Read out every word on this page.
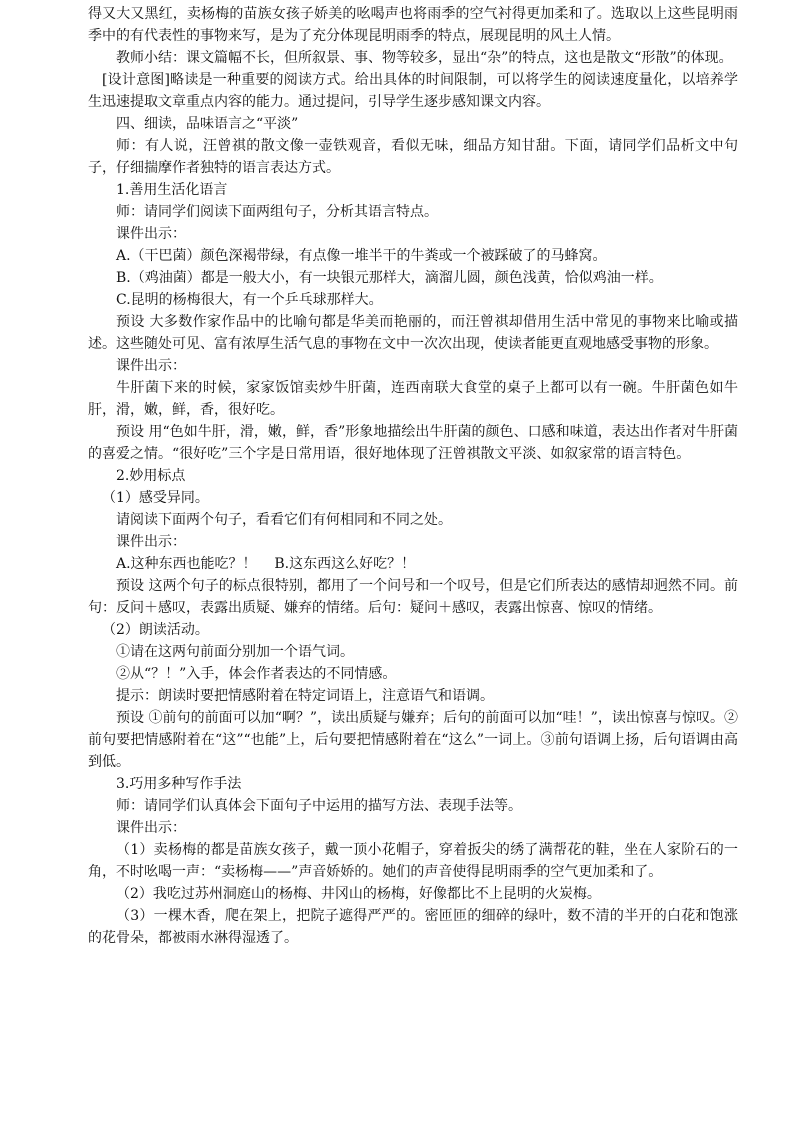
得又大又黑红，卖杨梅的苗族女孩子娇美的吆喝声也将雨季的空气衬得更加柔和了。选取以上这些昆明雨季中的有代表性的事物来写，是为了充分体现昆明雨季的特点，展现昆明的风土人情。

教师小结：课文篇幅不长，但所叙景、事、物等较多，显出“杂”的特点，这也是散文“形散”的体现。

[设计意图]略读是一种重要的阅读方式。给出具体的时间限制，可以将学生的阅读速度量化，以培养学生迅速提取文章重点内容的能力。通过提问，引导学生逐步感知课文内容。

四、细读，品味语言之“平淡”

师：有人说，汪曾祺的散文像一壶铁观音，看似无味，细品方知甘甜。下面，请同学们品析文中句子，仔细揣摩作者独特的语言表达方式。

1.善用生活化语言

师：请同学们阅读下面两组句子，分析其语言特点。

课件出示：

A.（干巴菌）颜色深褐带绿，有点像一堆半干的牛粪或一个被踩破了的马蜂窝。

B.（鸡油菌）都是一般大小，有一块银元那样大，滴溜儿圆，颜色浅黄，恰似鸡油一样。

C.昆明的杨梅很大，有一个乒乓球那样大。

预设 大多数作家作品中的比喻句都是华美而艳丽的，而汪曾祺却借用生活中常见的事物来比喻或描述。这些随处可见、富有浓厚生活气息的事物在文中一次次出现，使读者能更直观地感受事物的形象。

课件出示：

牛肝菌下来的时候，家家饭馆卖炒牛肝菌，连西南联大食堂的桌子上都可以有一碗。牛肝菌色如牛肝，滑，嫩，鲜，香，很好吃。

预设 用“色如牛肝，滑，嫩，鲜，香”形象地描绘出牛肝菌的颜色、口感和味道，表达出作者对牛肝菌的喜爱之情。“很好吃”三个字是日常用语，很好地体现了汪曾祺散文平淡、如叙家常的语言特色。

2.妙用标点

（1）感受异同。

请阅读下面两个句子，看看它们有何相同和不同之处。

课件出示：

A.这种东西也能吃？！    B.这东西这么好吃？！

预设 这两个句子的标点很特别，都用了一个问号和一个叹号，但是它们所表达的感情却迥然不同。前句：反问＋感叹，表露出质疑、嫌弃的情绪。后句：疑问＋感叹，表露出惊喜、惊叹的情绪。

（2）朗读活动。

①请在这两句前面分别加一个语气词。

②从“？！”入手，体会作者表达的不同情感。

提示：朗读时要把情感附着在特定词语上，注意语气和语调。

预设 ①前句的前面可以加“啊？”，读出质疑与嫌弃；后句的前面可以加“哇！”，读出惊喜与惊叹。②前句要把情感附着在“这”“也能”上，后句要把情感附着在“这么”一词上。③前句语调上扬，后句语调由高到低。

3.巧用多种写作手法

师：请同学们认真体会下面句子中运用的描写方法、表现手法等。

课件出示：

（1）卖杨梅的都是苗族女孩子，戴一顶小花帽子，穿着扳尖的绣了满帮花的鞋，坐在人家阶石的一角，不时吆喝一声：“卖杨梅——”声音娇娇的。她们的声音使得昆明雨季的空气更加柔和了。

（2）我吃过苏州洞庭山的杨梅、井冈山的杨梅，好像都比不上昆明的火炭梅。

（3）一棵木香，爬在架上，把院子遮得严严的。密匝匝的细碎的绿叶，数不清的半开的白花和饱涨的花骨朵，都被雨水淋得湿透了。
